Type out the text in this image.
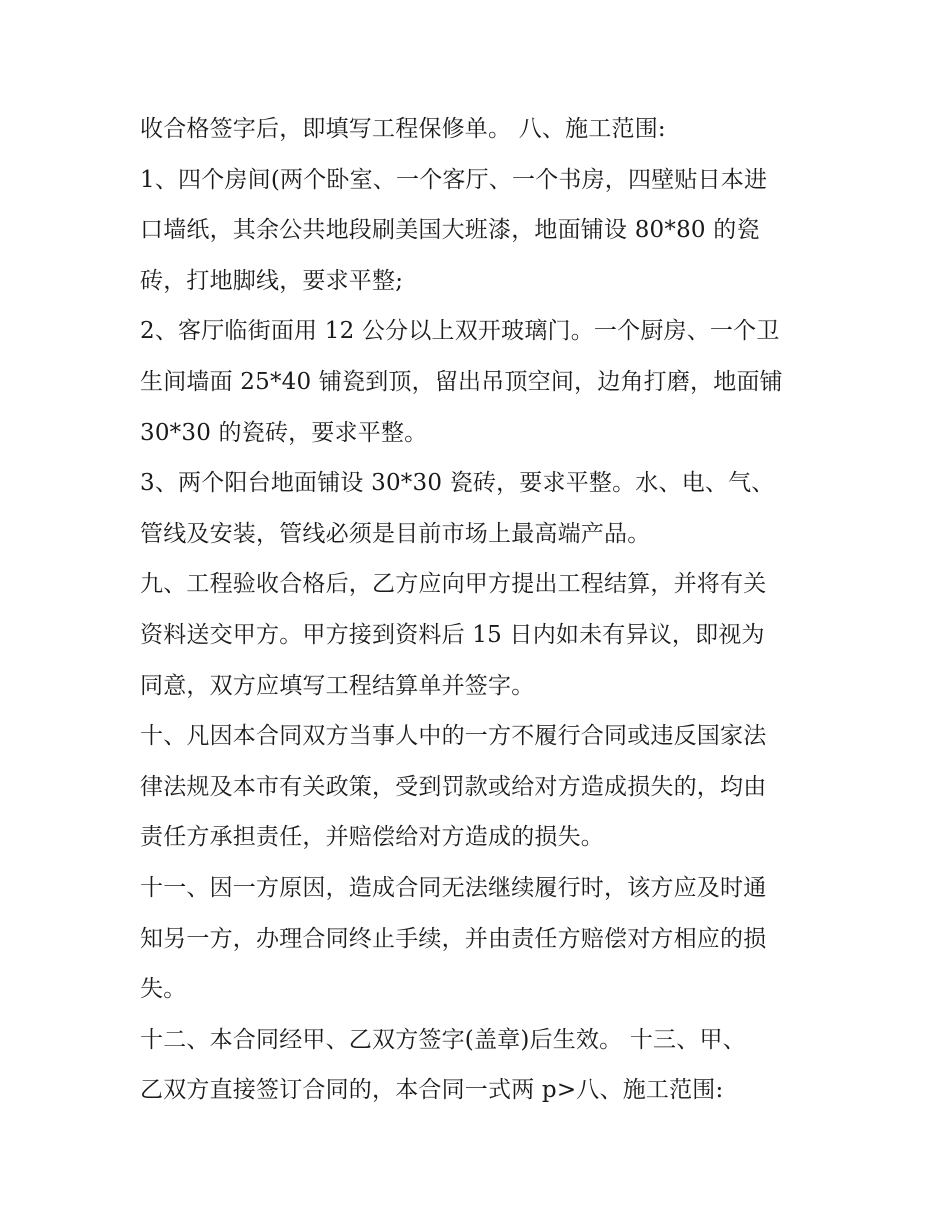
收合格签字后，即填写工程保修单。 八、施工范围:
1、四个房间(两个卧室、一个客厅、一个书房，四壁贴日本进
口墙纸，其余公共地段刷美国大班漆，地面铺设 80*80 的瓷
砖，打地脚线，要求平整;
2、客厅临街面用 12 公分以上双开玻璃门。一个厨房、一个卫
生间墙面 25*40 铺瓷到顶，留出吊顶空间，边角打磨，地面铺
30*30 的瓷砖，要求平整。
3、两个阳台地面铺设 30*30 瓷砖，要求平整。水、电、气、
管线及安装，管线必须是目前市场上最高端产品。
九、工程验收合格后，乙方应向甲方提出工程结算，并将有关
资料送交甲方。甲方接到资料后 15 日内如未有异议，即视为
同意，双方应填写工程结算单并签字。
十、凡因本合同双方当事人中的一方不履行合同或违反国家法
律法规及本市有关政策，受到罚款或给对方造成损失的，均由
责任方承担责任，并赔偿给对方造成的损失。
十一、因一方原因，造成合同无法继续履行时，该方应及时通
知另一方，办理合同终止手续，并由责任方赔偿对方相应的损
失。
十二、本合同经甲、乙双方签字(盖章)后生效。 十三、甲、
乙双方直接签订合同的，本合同一式两 p>八、施工范围:
